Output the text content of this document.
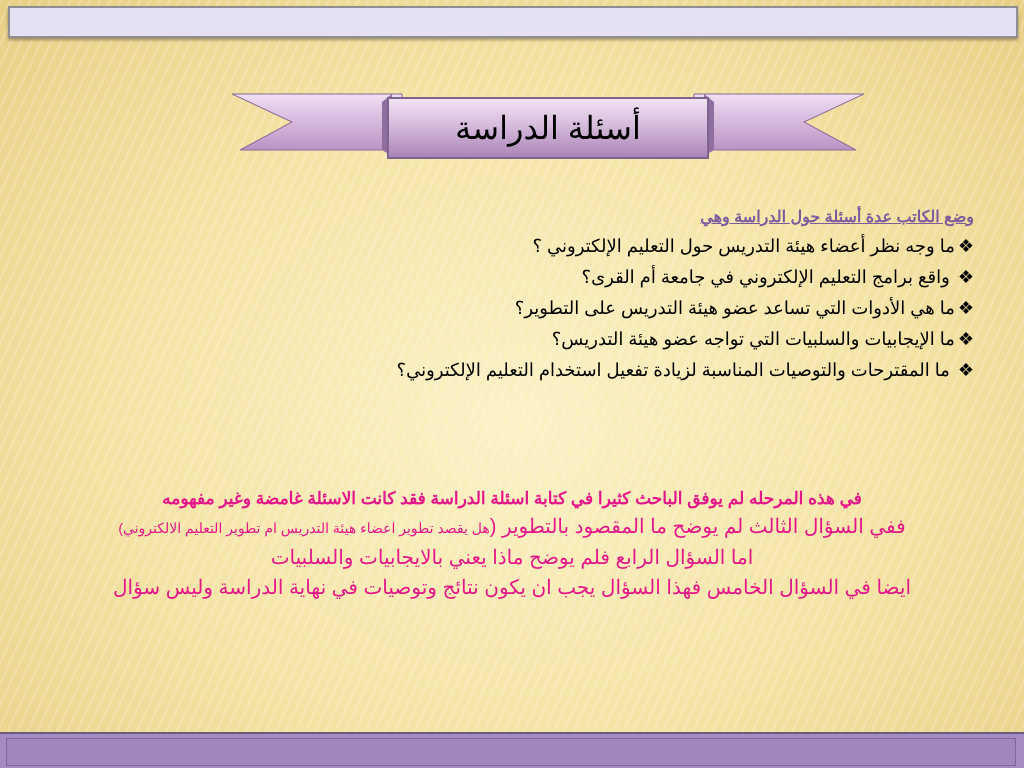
أسئلة الدراسة
وضع الكاتب عدة أسئلة حول الدراسة وهي

❖ما وجه نظر أعضاء هيئة التدريس حول التعليم الإلكتروني ؟

❖ واقع برامج التعليم الإلكتروني في جامعة أم القرى؟

❖ما هي الأدوات التي تساعد عضو هيئة التدريس على التطوير؟

❖ما الإيجابيات والسلبيات التي تواجه عضو هيئة التدريس؟

❖ ما المقترحات والتوصيات المناسبة لزيادة تفعيل استخدام التعليم الإلكتروني؟

في هذه المرحله لم يوفق الباحث كثيرا في كتابة اسئلة الدراسة فقد كانت الاسئلة غامضة وغير مفهومه

ففي السؤال الثالث لم يوضح ما المقصود بالتطوير (هل يقصد تطوير اعضاء هيئة التدريس ام تطوير التعليم الالكتروني)

اما السؤال الرابع فلم يوضح ماذا يعني بالايجابيات والسلبيات

ايضا في السؤال الخامس فهذا السؤال يجب ان يكون نتائج وتوصيات في نهاية الدراسة وليس سؤال
